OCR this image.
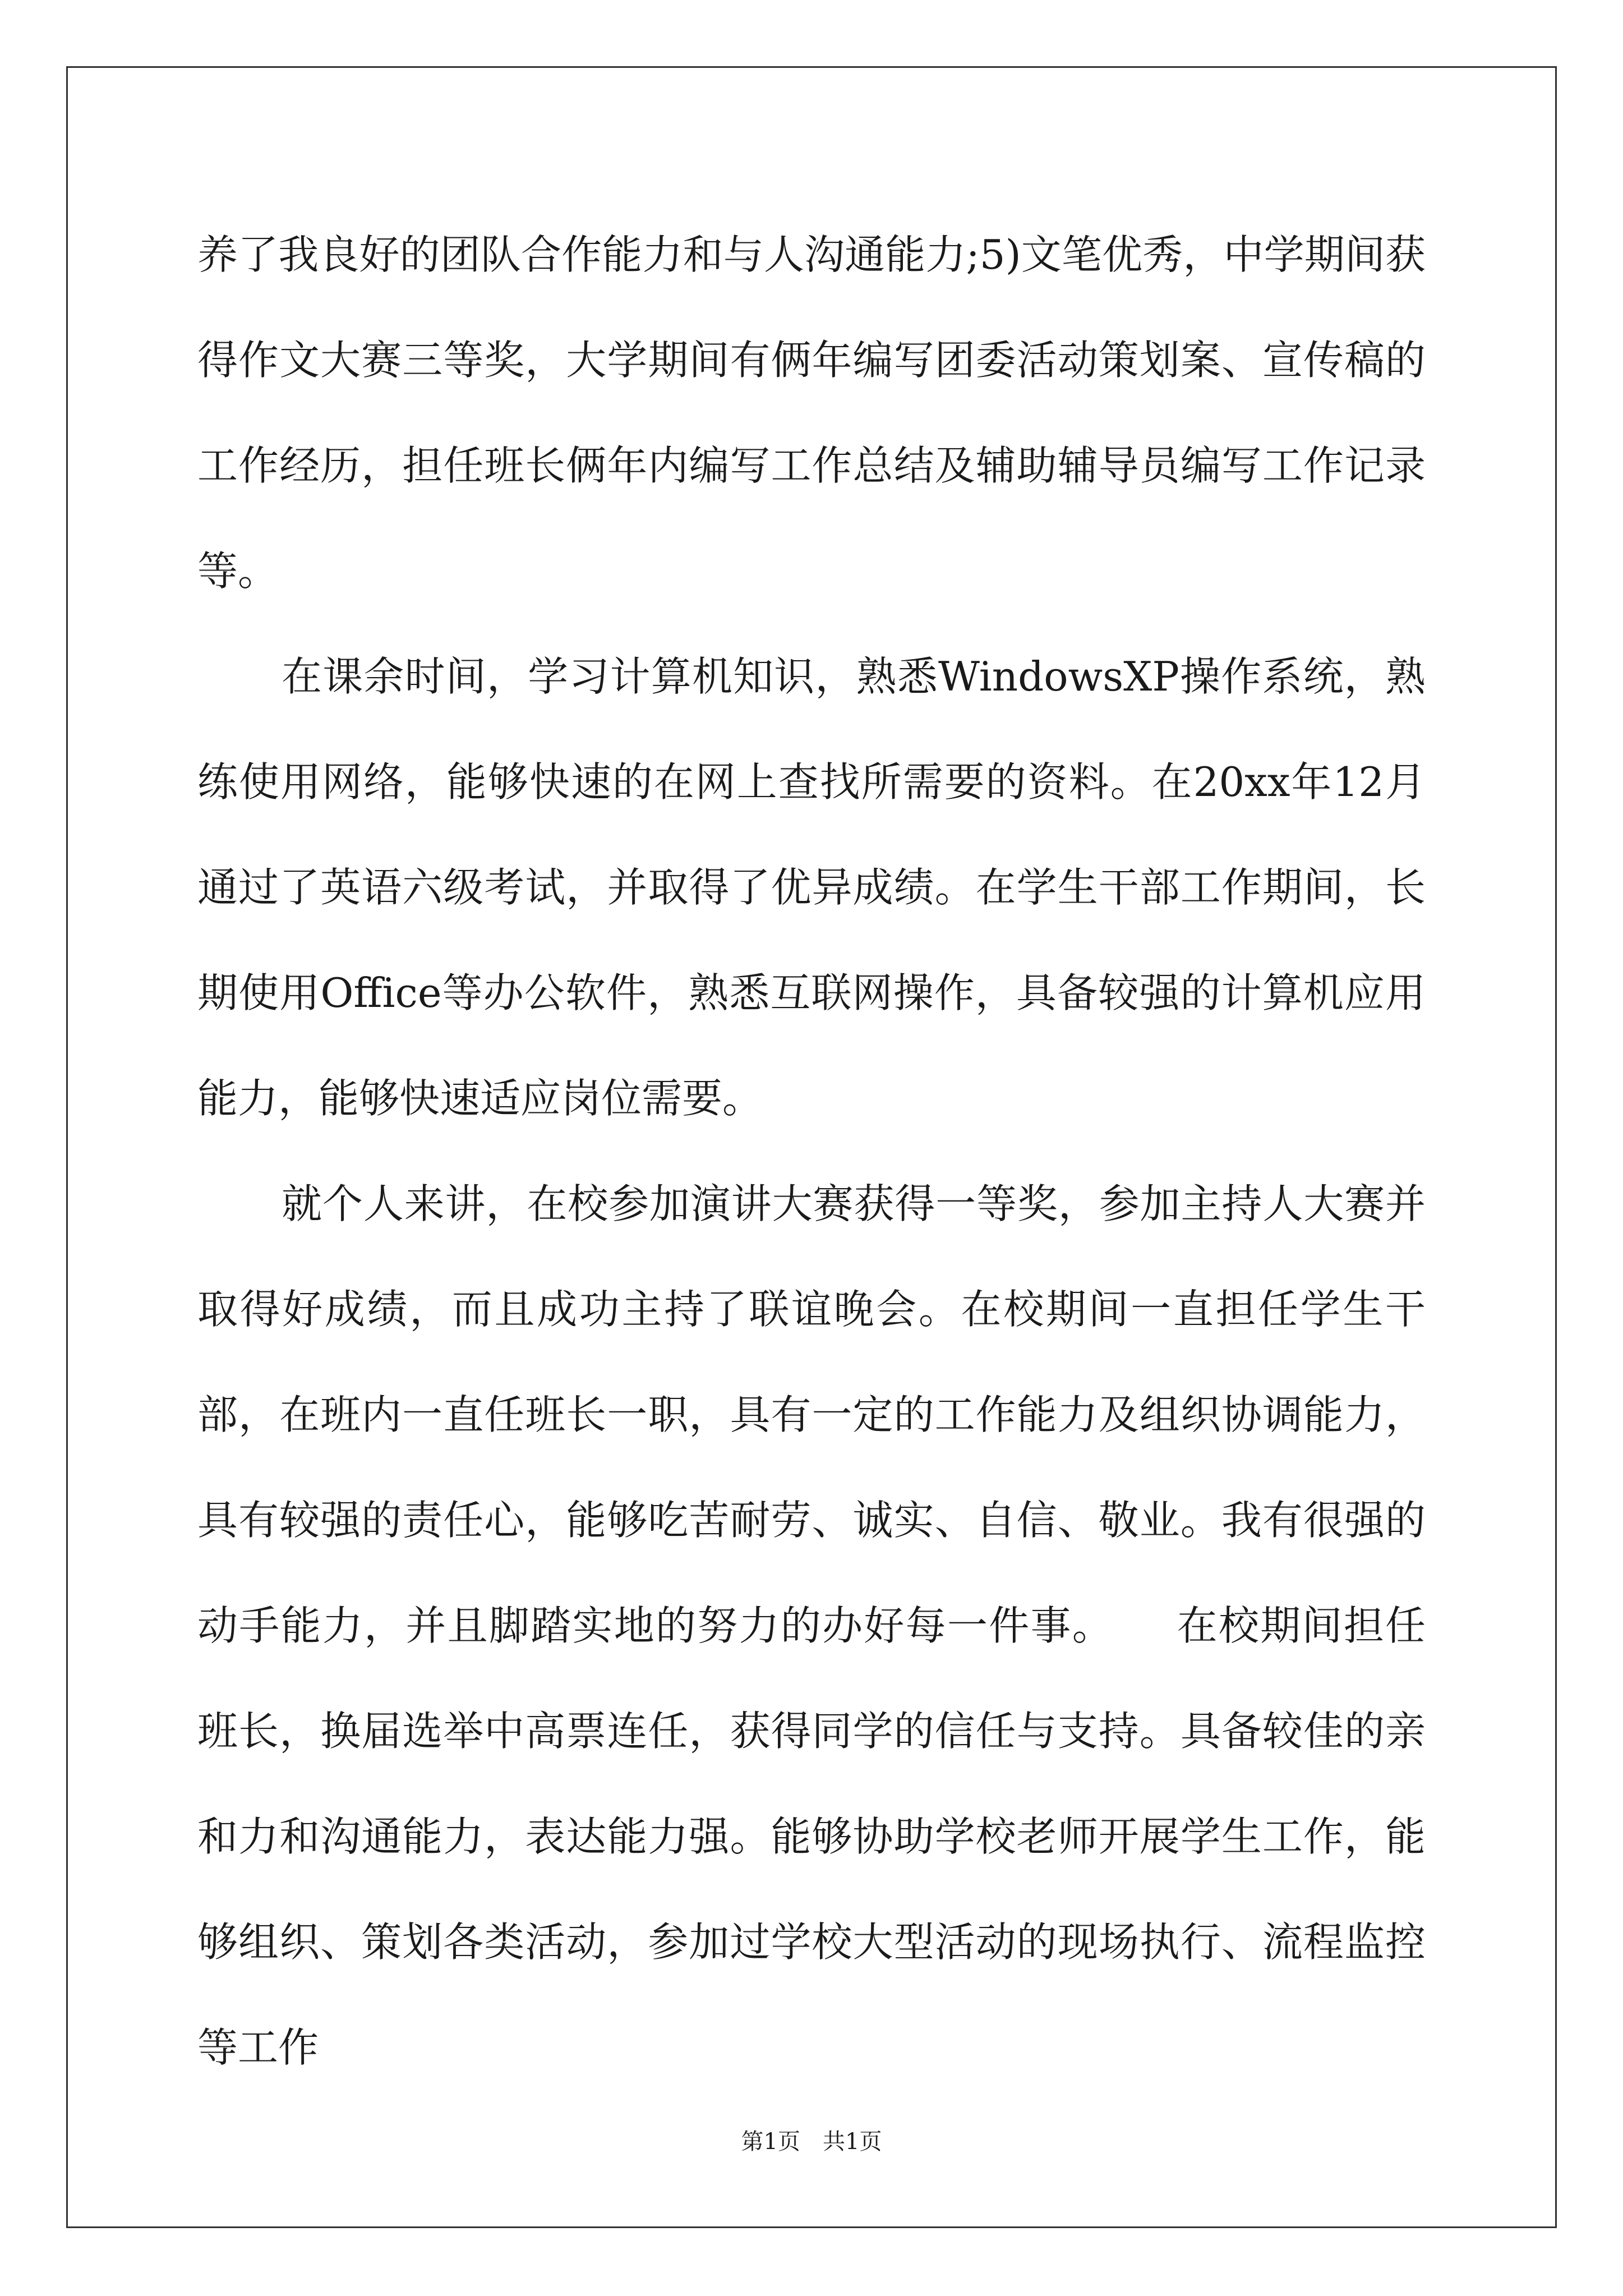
养了我良好的团队合作能力和与人沟通能力;5)文笔优秀，中学期间获得作文大赛三等奖，大学期间有俩年编写团委活动策划案、宣传稿的工作经历，担任班长俩年内编写工作总结及辅助辅导员编写工作记录等。

在课余时间，学习计算机知识，熟悉WindowsXP操作系统，熟练使用网络，能够快速的在网上查找所需要的资料。在20xx年12月通过了英语六级考试，并取得了优异成绩。在学生干部工作期间，长期使用Office等办公软件，熟悉互联网操作，具备较强的计算机应用能力，能够快速适应岗位需要。

就个人来讲，在校参加演讲大赛获得一等奖，参加主持人大赛并取得好成绩，而且成功主持了联谊晚会。在校期间一直担任学生干部，在班内一直任班长一职，具有一定的工作能力及组织协调能力，具有较强的责任心，能够吃苦耐劳、诚实、自信、敬业。我有很强的动手能力，并且脚踏实地的努力的办好每一件事。　　在校期间担任班长，换届选举中高票连任，获得同学的信任与支持。具备较佳的亲和力和沟通能力，表达能力强。能够协助学校老师开展学生工作，能够组织、策划各类活动，参加过学校大型活动的现场执行、流程监控等工作

第1页　共1页
